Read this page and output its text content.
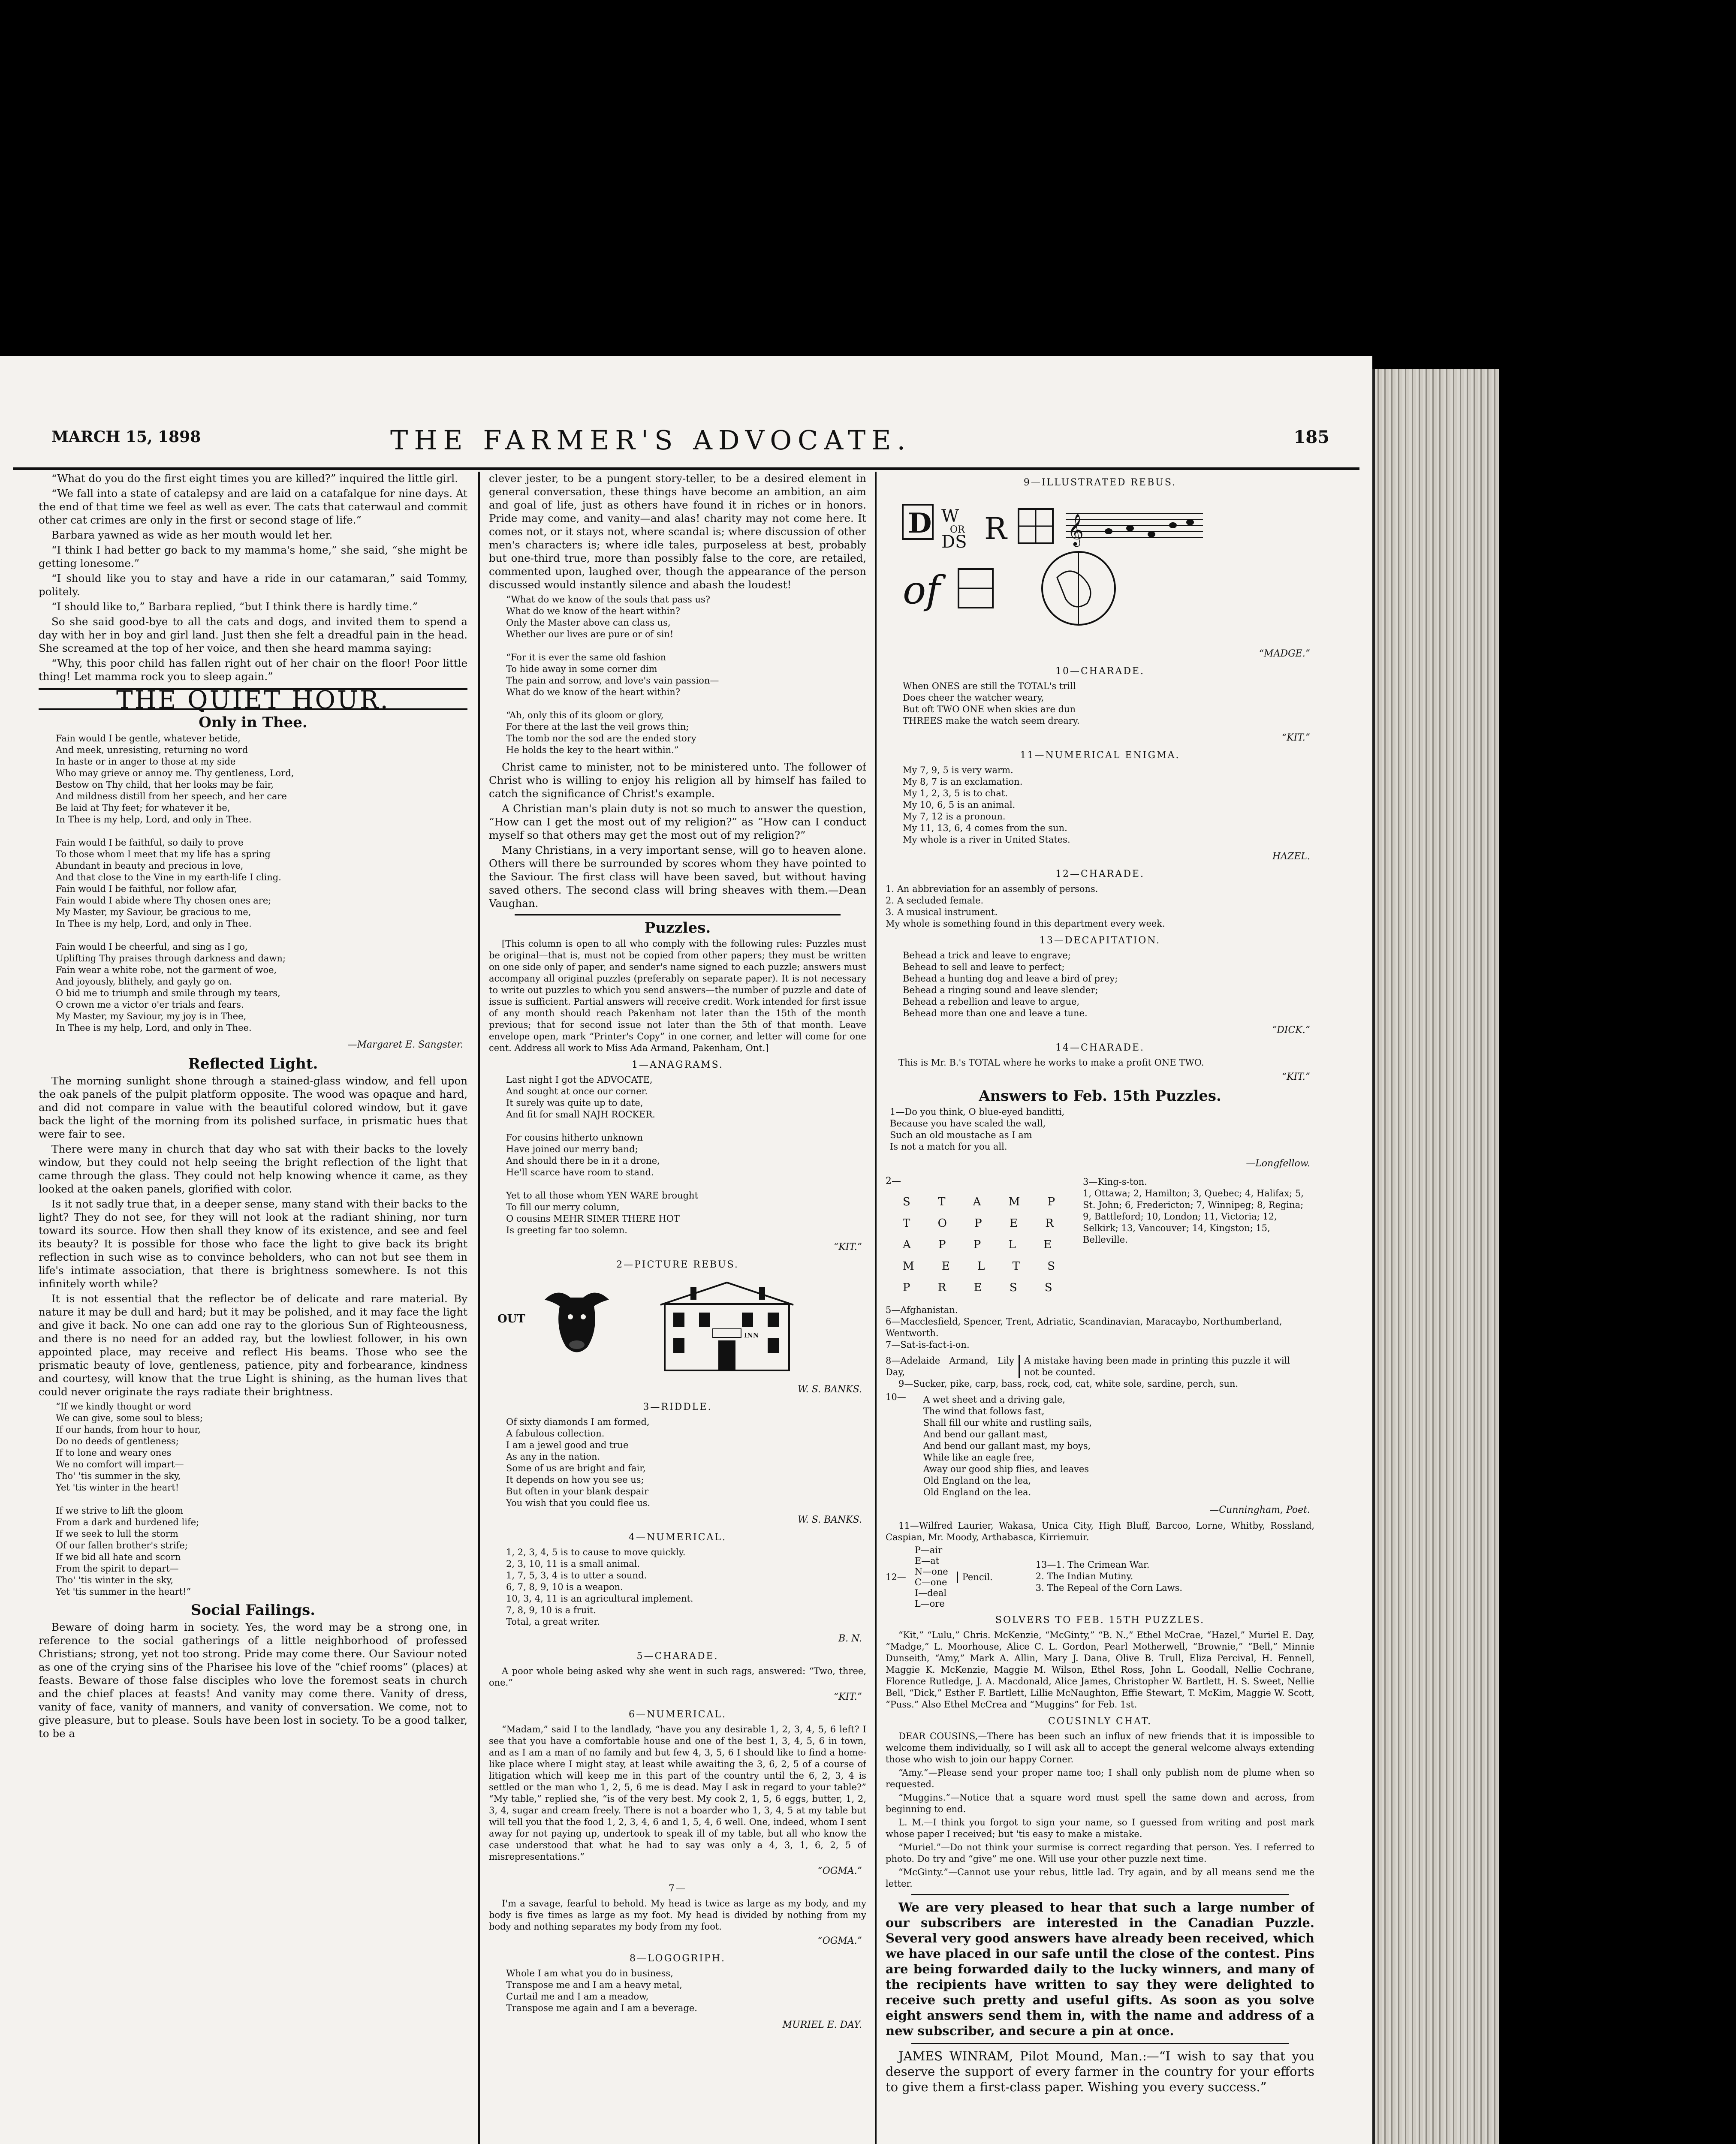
MARCH 15, 1898	THE FARMER'S ADVOCATE.	185

“What do you do the first eight times you are killed?” inquired the little girl.

“We fall into a state of catalepsy and are laid on a catafalque for nine days. At the end of that time we feel as well as ever. The cats that caterwaul and commit other cat crimes are only in the first or second stage of life.”

Barbara yawned as wide as her mouth would let her.

“I think I had better go back to my mamma's home,” she said, “she might be getting lonesome.”

“I should like you to stay and have a ride in our catamaran,” said Tommy, politely.

“I should like to,” Barbara replied, “but I think there is hardly time.”

So she said good-bye to all the cats and dogs, and invited them to spend a day with her in boy and girl land. Just then she felt a dreadful pain in the head. She screamed at the top of her voice, and then she heard mamma saying:

“Why, this poor child has fallen right out of her chair on the floor! Poor little thing! Let mamma rock you to sleep again.”

THE QUIET HOUR.
Only in Thee.
Fain would I be gentle, whatever betide,
And meek, unresisting, returning no word
In haste or in anger to those at my side
Who may grieve or annoy me. Thy gentleness, Lord,
Bestow on Thy child, that her looks may be fair,
And mildness distill from her speech, and her care
Be laid at Thy feet; for whatever it be,
In Thee is my help, Lord, and only in Thee.

Fain would I be faithful, so daily to prove
To those whom I meet that my life has a spring
Abundant in beauty and precious in love,
And that close to the Vine in my earth-life I cling.
Fain would I be faithful, nor follow afar,
Fain would I abide where Thy chosen ones are;
My Master, my Saviour, be gracious to me,
In Thee is my help, Lord, and only in Thee.

Fain would I be cheerful, and sing as I go,
Uplifting Thy praises through darkness and dawn;
Fain wear a white robe, not the garment of woe,
And joyously, blithely, and gayly go on.
O bid me to triumph and smile through my tears,
O crown me a victor o'er trials and fears.
My Master, my Saviour, my joy is in Thee,
In Thee is my help, Lord, and only in Thee.
—Margaret E. Sangster.
Reflected Light.

The morning sunlight shone through a stained-glass window, and fell upon the oak panels of the pulpit platform opposite. The wood was opaque and hard, and did not compare in value with the beautiful colored window, but it gave back the light of the morning from its polished surface, in prismatic hues that were fair to see.

There were many in church that day who sat with their backs to the lovely window, but they could not help seeing the bright reflection of the light that came through the glass. They could not help knowing whence it came, as they looked at the oaken panels, glorified with color.

Is it not sadly true that, in a deeper sense, many stand with their backs to the light? They do not see, for they will not look at the radiant shining, nor turn toward its source. How then shall they know of its existence, and see and feel its beauty? It is possible for those who face the light to give back its bright reflection in such wise as to convince beholders, who can not but see them in life's intimate association, that there is brightness somewhere. Is not this infinitely worth while?

It is not essential that the reflector be of delicate and rare material. By nature it may be dull and hard; but it may be polished, and it may face the light and give it back. No one can add one ray to the glorious Sun of Righteousness, and there is no need for an added ray, but the lowliest follower, in his own appointed place, may receive and reflect His beams. Those who see the prismatic beauty of love, gentleness, patience, pity and forbearance, kindness and courtesy, will know that the true Light is shining, as the human lives that could never originate the rays radiate their brightness.

“If we kindly thought or word
We can give, some soul to bless;
If our hands, from hour to hour,
Do no deeds of gentleness;
If to lone and weary ones
We no comfort will impart—
Tho' 'tis summer in the sky,
Yet 'tis winter in the heart!

If we strive to lift the gloom
From a dark and burdened life;
If we seek to lull the storm
Of our fallen brother's strife;
If we bid all hate and scorn
From the spirit to depart—
Tho' 'tis winter in the sky,
Yet 'tis summer in the heart!”
Social Failings.

Beware of doing harm in society. Yes, the word may be a strong one, in reference to the social gatherings of a little neighborhood of professed Christians; strong, yet not too strong. Pride may come there. Our Saviour noted as one of the crying sins of the Pharisee his love of the “chief rooms” (places) at feasts. Beware of those false disciples who love the foremost seats in church and the chief places at feasts! And vanity may come there. Vanity of dress, vanity of face, vanity of manners, and vanity of conversation. We come, not to give pleasure, but to please. Souls have been lost in society. To be a good talker, to be a

clever jester, to be a pungent story-teller, to be a desired element in general conversation, these things have become an ambition, an aim and goal of life, just as others have found it in riches or in honors. Pride may come, and vanity—and alas! charity may not come here. It comes not, or it stays not, where scandal is; where discussion of other men's characters is; where idle tales, purposeless at best, probably but one-third true, more than possibly false to the core, are retailed, commented upon, laughed over, though the appearance of the person discussed would instantly silence and abash the loudest!

“What do we know of the souls that pass us?
What do we know of the heart within?
Only the Master above can class us,
Whether our lives are pure or of sin!

“For it is ever the same old fashion
To hide away in some corner dim
The pain and sorrow, and love's vain passion—
What do we know of the heart within?

“Ah, only this of its gloom or glory,
For there at the last the veil grows thin;
The tomb nor the sod are the ended story
He holds the key to the heart within.”

Christ came to minister, not to be ministered unto. The follower of Christ who is willing to enjoy his religion all by himself has failed to catch the significance of Christ's example.

A Christian man's plain duty is not so much to answer the question, “How can I get the most out of my religion?” as “How can I conduct myself so that others may get the most out of my religion?”

Many Christians, in a very important sense, will go to heaven alone. Others will there be surrounded by scores whom they have pointed to the Saviour. The first class will have been saved, but without having saved others. The second class will bring sheaves with them.—Dean Vaughan.

Puzzles.

[This column is open to all who comply with the following rules: Puzzles must be original—that is, must not be copied from other papers; they must be written on one side only of paper, and sender's name signed to each puzzle; answers must accompany all original puzzles (preferably on separate paper). It is not necessary to write out puzzles to which you send answers—the number of puzzle and date of issue is sufficient. Partial answers will receive credit. Work intended for first issue of any month should reach Pakenham not later than the 15th of the month previous; that for second issue not later than the 5th of that month. Leave envelope open, mark “Printer's Copy” in one corner, and letter will come for one cent. Address all work to Miss Ada Armand, Pakenham, Ont.]

1—ANAGRAMS.
Last night I got the ADVOCATE,
And sought at once our corner.
It surely was quite up to date,
And fit for small NAJH ROCKER.

For cousins hitherto unknown
Have joined our merry band;
And should there be in it a drone,
He'll scarce have room to stand.

Yet to all those whom YEN WARE brought
To fill our merry column,
O cousins MEHR SIMER THERE HOT
Is greeting far too solemn.
“KIT.”
2—PICTURE REBUS.
OUT
INN
W. S. BANKS.
3—RIDDLE.
Of sixty diamonds I am formed,
A fabulous collection.
I am a jewel good and true
As any in the nation.
Some of us are bright and fair,
It depends on how you see us;
But often in your blank despair
You wish that you could flee us.
W. S. BANKS.
4—NUMERICAL.
1, 2, 3, 4, 5 is to cause to move quickly.
2, 3, 10, 11 is a small animal.
1, 7, 5, 3, 4 is to utter a sound.
6, 7, 8, 9, 10 is a weapon.
10, 3, 4, 11 is an agricultural implement.
7, 8, 9, 10 is a fruit.
Total, a great writer.
B. N.
5—CHARADE.

A poor whole being asked why she went in such rags, answered: “Two, three, one.”

“KIT.”
6—NUMERICAL.

“Madam,” said I to the landlady, “have you any desirable 1, 2, 3, 4, 5, 6 left? I see that you have a comfortable house and one of the best 1, 3, 4, 5, 6 in town, and as I am a man of no family and but few 4, 3, 5, 6 I should like to find a home-like place where I might stay, at least while awaiting the 3, 6, 2, 5 of a course of litigation which will keep me in this part of the country until the 6, 2, 3, 4 is settled or the man who 1, 2, 5, 6 me is dead. May I ask in regard to your table?” “My table,” replied she, “is of the very best. My cook 2, 1, 5, 6 eggs, butter, 1, 2, 3, 4, sugar and cream freely. There is not a boarder who 1, 3, 4, 5 at my table but will tell you that the food 1, 2, 3, 4, 6 and 1, 5, 4, 6 well. One, indeed, whom I sent away for not paying up, undertook to speak ill of my table, but all who know the case understood that what he had to say was only a 4, 3, 1, 6, 2, 5 of misrepresentations.”

“OGMA.”
7—

I'm a savage, fearful to behold. My head is twice as large as my body, and my body is five times as large as my foot. My head is divided by nothing from my body and nothing separates my body from my foot.

“OGMA.”
8—LOGOGRIPH.
Whole I am what you do in business,
Transpose me and I am a heavy metal,
Curtail me and I am a meadow,
Transpose me again and I am a beverage.
MURIEL E. DAY.
9—ILLUSTRATED REBUS.
D W
OR
DS R 𝄞
of
“MADGE.”
10—CHARADE.
When ONES are still the TOTAL's trill
Does cheer the watcher weary,
But oft TWO ONE when skies are dun
THREES make the watch seem dreary.
“KIT.”
11—NUMERICAL ENIGMA.
My 7, 9, 5 is very warm.
My 8, 7 is an exclamation.
My 1, 2, 3, 5 is to chat.
My 10, 6, 5 is an animal.
My 7, 12 is a pronoun.
My 11, 13, 6, 4 comes from the sun.
My whole is a river in United States.
HAZEL.
12—CHARADE.
1. An abbreviation for an assembly of persons.
2. A secluded female.
3. A musical instrument.
My whole is something found in this department every week.
13—DECAPITATION.
Behead a trick and leave to engrave;
Behead to sell and leave to perfect;
Behead a hunting dog and leave a bird of prey;
Behead a ringing sound and leave slender;
Behead a rebellion and leave to argue,
Behead more than one and leave a tune.
“DICK.”
14—CHARADE.

This is Mr. B.'s TOTAL where he works to make a profit ONE TWO.

“KIT.”
Answers to Feb. 15th Puzzles.
1—Do you think, O blue-eyed banditti,
Because you have scaled the wall,
Such an old moustache as I am
Is not a match for you all.
—Longfellow.
2—
S T A M P
T O P E R
A P P L E
M E L T S
P R E S S
3—King-s-ton.
1, Ottawa; 2, Hamilton; 3, Quebec; 4, Halifax; 5, St. John; 6, Fredericton; 7, Winnipeg; 8, Regina; 9, Battleford; 10, London; 11, Victoria; 12, Selkirk; 13, Vancouver; 14, Kingston; 15, Belleville.
5—Afghanistan.
6—Macclesfield, Spencer, Trent, Adriatic, Scandinavian, Maracaybo, Northumberland, Wentworth.
7—Sat-is-fact-i-on.
8—Adelaide Armand, Lily Day,
A mistake having been made in printing this puzzle it will not be counted.

9—Sucker, pike, carp, bass, rock, cod, cat, white sole, sardine, perch, sun.

10— A wet sheet and a driving gale,
The wind that follows fast,
Shall fill our white and rustling sails,
And bend our gallant mast,
And bend our gallant mast, my boys,
While like an eagle free,
Away our good ship flies, and leaves
Old England on the lea,
Old England on the lea.
—Cunningham, Poet.

11—Wilfred Laurier, Wakasa, Unica City, High Bluff, Barcoo, Lorne, Whitby, Rossland, Caspian, Mr. Moody, Arthabasca, Kirriemuir.

12—
P—air
E—at
N—one
C—one
I—deal
L—ore
Pencil.
13—1. The Crimean War.
2. The Indian Mutiny.
3. The Repeal of the Corn Laws.
SOLVERS TO FEB. 15TH PUZZLES.

“Kit,” “Lulu,” Chris. McKenzie, “McGinty,” “B. N.,” Ethel McCrae, “Hazel,” Muriel E. Day, “Madge,” L. Moorhouse, Alice C. L. Gordon, Pearl Motherwell, “Brownie,” “Bell,” Minnie Dunseith, “Amy,” Mark A. Allin, Mary J. Dana, Olive B. Trull, Eliza Percival, H. Fennell, Maggie K. McKenzie, Maggie M. Wilson, Ethel Ross, John L. Goodall, Nellie Cochrane, Florence Rutledge, J. A. Macdonald, Alice James, Christopher W. Bartlett, H. S. Sweet, Nellie Bell, “Dick,” Esther F. Bartlett, Lillie McNaughton, Effie Stewart, T. McKim, Maggie W. Scott, “Puss.” Also Ethel McCrea and “Muggins” for Feb. 1st.

COUSINLY CHAT.

DEAR COUSINS,—There has been such an influx of new friends that it is impossible to welcome them individually, so I will ask all to accept the general welcome always extending those who wish to join our happy Corner.

“Amy.”—Please send your proper name too; I shall only publish nom de plume when so requested.

“Muggins.”—Notice that a square word must spell the same down and across, from beginning to end.

L. M.—I think you forgot to sign your name, so I guessed from writing and post mark whose paper I received; but 'tis easy to make a mistake.

“Muriel.”—Do not think your surmise is correct regarding that person. Yes. I referred to photo. Do try and “give” me one. Will use your other puzzle next time.

“McGinty.”—Cannot use your rebus, little lad. Try again, and by all means send me the letter.

We are very pleased to hear that such a large number of our subscribers are interested in the Canadian Puzzle. Several very good answers have already been received, which we have placed in our safe until the close of the contest. Pins are being forwarded daily to the lucky winners, and many of the recipients have written to say they were delighted to receive such pretty and useful gifts. As soon as you solve eight answers send them in, with the name and address of a new subscriber, and secure a pin at once.

JAMES WINRAM, Pilot Mound, Man.:—“I wish to say that you deserve the support of every farmer in the country for your efforts to give them a first-class paper. Wishing you every success.”
